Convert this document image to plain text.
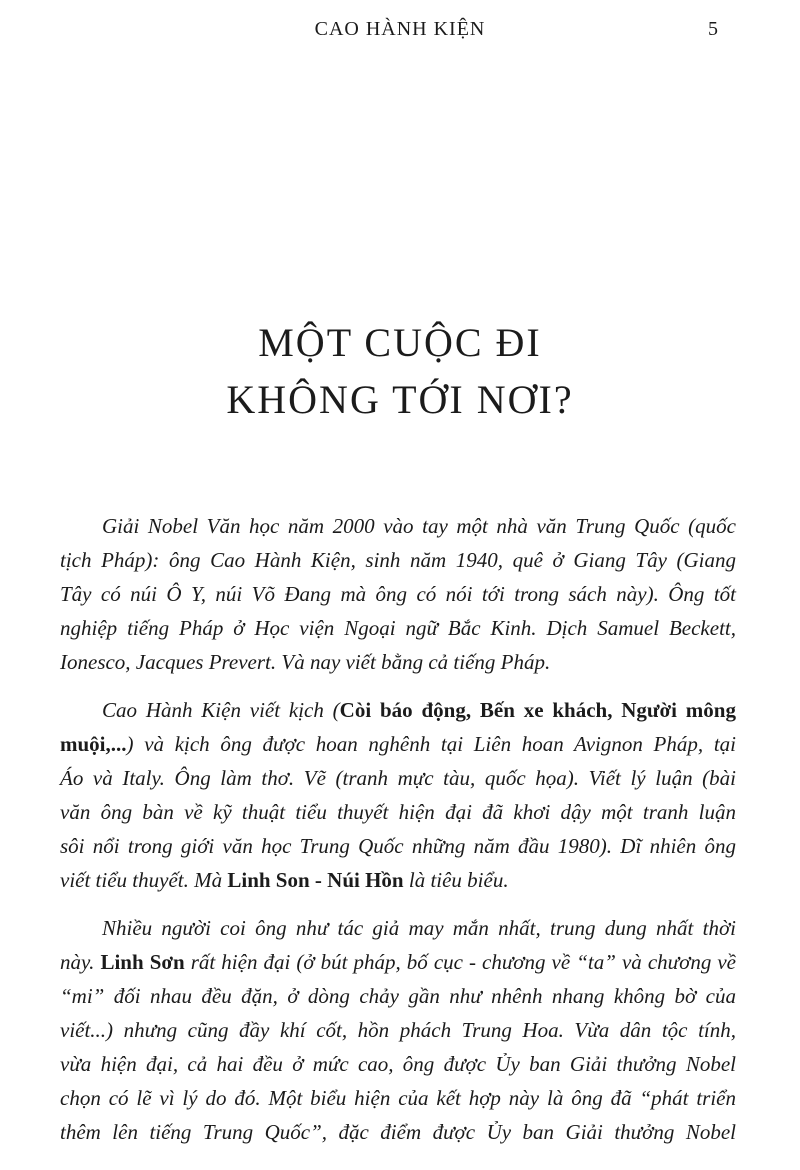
CAO HÀNH KIỆN	5
MỘT CUỘC ĐI
KHÔNG TỚI NƠI?
Giải Nobel Văn học năm 2000 vào tay một nhà văn Trung Quốc (quốc
tịch Pháp): ông Cao Hành Kiện, sinh năm 1940, quê ở Giang Tây (Giang
Tây có núi Ô Y, núi Võ Đang mà ông có nói tới trong sách này). Ông tốt
nghiệp tiếng Pháp ở Học viện Ngoại ngữ Bắc Kinh. Dịch Samuel Beckett,
Ionesco, Jacques Prevert. Và nay viết bằng cả tiếng Pháp.
Cao Hành Kiện viết kịch (Còi báo động, Bến xe khách, Người mông
muội,...) và kịch ông được hoan nghênh tại Liên hoan Avignon Pháp, tại
Áo và Italy. Ông làm thơ. Vẽ (tranh mực tàu, quốc họa). Viết lý luận (bài
văn ông bàn về kỹ thuật tiểu thuyết hiện đại đã khơi dậy một tranh luận
sôi nổi trong giới văn học Trung Quốc những năm đầu 1980). Dĩ nhiên ông
viết tiểu thuyết. Mà Linh Son - Núi Hồn là tiêu biểu.
Nhiều người coi ông như tác giả may mắn nhất, trung dung nhất thời
này. Linh Sơn rất hiện đại (ở bút pháp, bố cục - chương về “ta” và chương về
“mi” đối nhau đều đặn, ở dòng chảy gần như nhênh nhang không bờ của
viết...) nhưng cũng đầy khí cốt, hồn phách Trung Hoa. Vừa dân tộc tính,
vừa hiện đại, cả hai đều ở mức cao, ông được Ủy ban Giải thưởng Nobel
chọn có lẽ vì lý do đó. Một biểu hiện của kết hợp này là ông đã “phát triển
thêm lên tiếng Trung Quốc”, đặc điểm được Ủy ban Giải thưởng Nobel
